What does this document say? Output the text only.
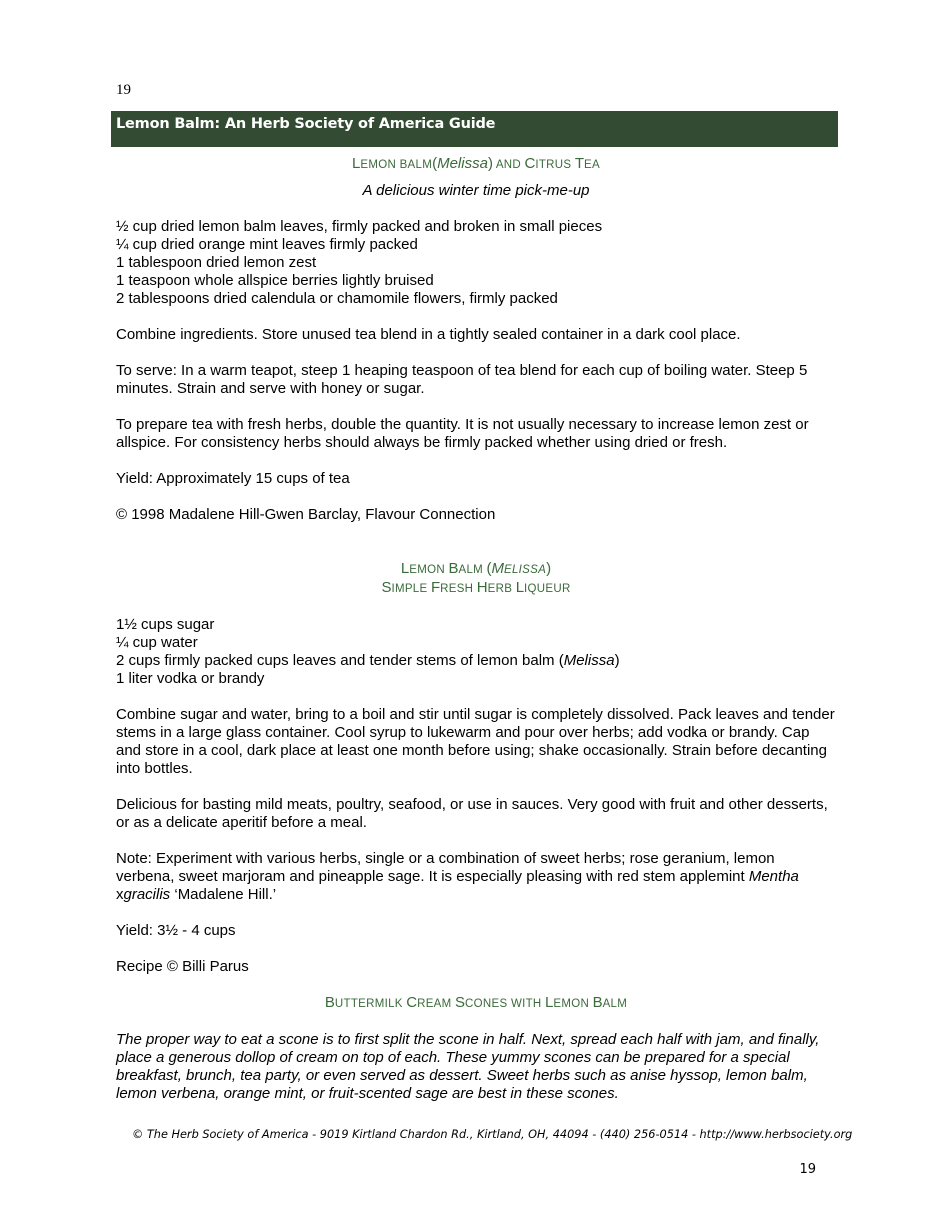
19
Lemon Balm: An Herb Society of America Guide
LEMON BALM(Melissa) AND CITRUS TEA
A delicious winter time pick-me-up

½ cup dried lemon balm leaves, firmly packed and broken in small pieces

¼ cup dried orange mint leaves firmly packed

1 tablespoon dried lemon zest

1 teaspoon whole allspice berries lightly bruised

2 tablespoons dried calendula or chamomile flowers, firmly packed

Combine ingredients. Store unused tea blend in a tightly sealed container in a dark cool place.

To serve: In a warm teapot, steep 1 heaping teaspoon of tea blend for each cup of boiling water. Steep 5 minutes. Strain and serve with honey or sugar.

To prepare tea with fresh herbs, double the quantity. It is not usually necessary to increase lemon zest or allspice. For consistency herbs should always be firmly packed whether using dried or fresh.

Yield: Approximately 15 cups of tea

© 1998 Madalene Hill-Gwen Barclay, Flavour Connection

LEMON BALM (MELISSA)
SIMPLE FRESH HERB LIQUEUR

1½ cups sugar

¼ cup water

2 cups firmly packed cups leaves and tender stems of lemon balm (Melissa)

1 liter vodka or brandy

Combine sugar and water, bring to a boil and stir until sugar is completely dissolved. Pack leaves and tender stems in a large glass container. Cool syrup to lukewarm and pour over herbs; add vodka or brandy. Cap and store in a cool, dark place at least one month before using; shake occasionally. Strain before decanting into bottles.

Delicious for basting mild meats, poultry, seafood, or use in sauces. Very good with fruit and other desserts, or as a delicate aperitif before a meal.

Note: Experiment with various herbs, single or a combination of sweet herbs; rose geranium, lemon verbena, sweet marjoram and pineapple sage. It is especially pleasing with red stem applemint Mentha xgracilis ‘Madalene Hill.’

Yield: 3½ - 4 cups

Recipe © Billi Parus

BUTTERMILK CREAM SCONES WITH LEMON BALM

The proper way to eat a scone is to first split the scone in half. Next, spread each half with jam, and finally, place a generous dollop of cream on top of each. These yummy scones can be prepared for a special breakfast, brunch, tea party, or even served as dessert. Sweet herbs such as anise hyssop, lemon balm, lemon verbena, orange mint, or fruit-scented sage are best in these scones.

© The Herb Society of America - 9019 Kirtland Chardon Rd., Kirtland, OH, 44094 - (440) 256-0514 - http://www.herbsociety.org
19
